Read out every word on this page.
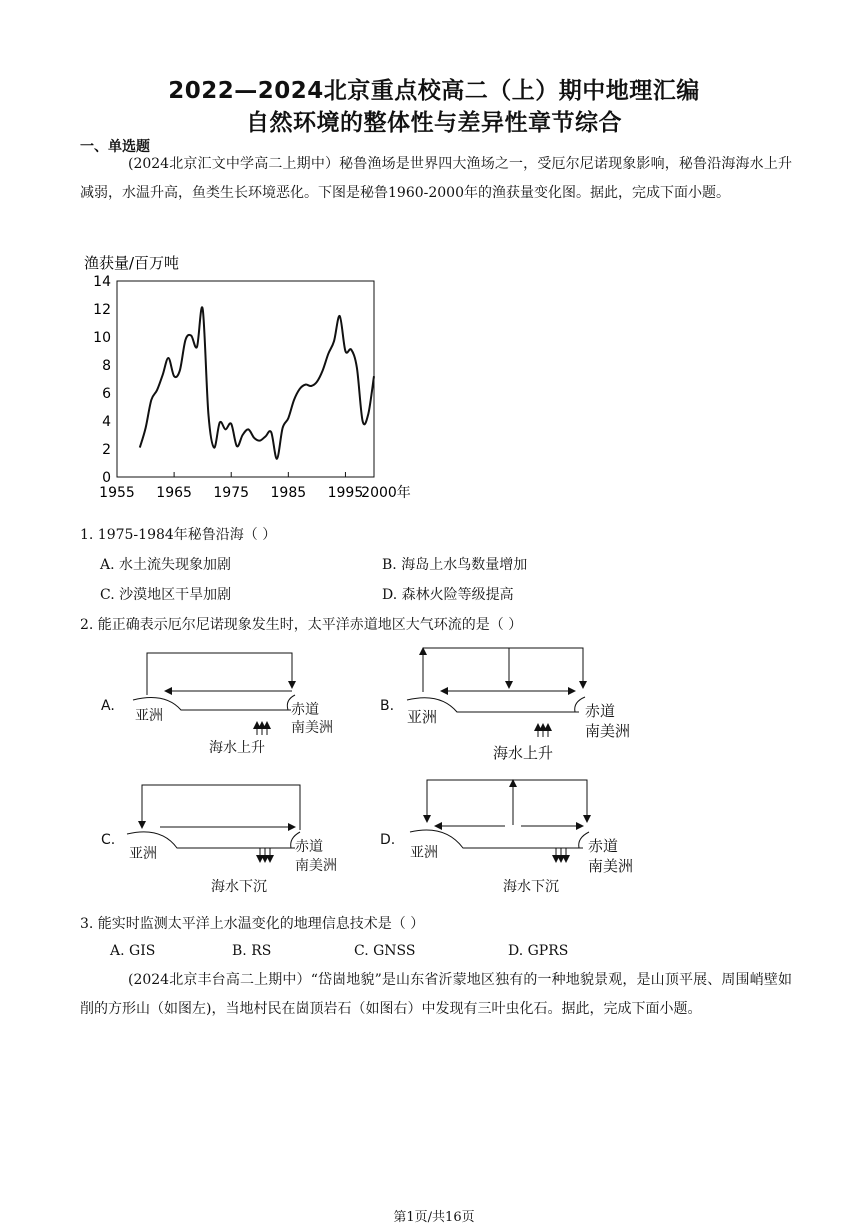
2022—2024北京重点校高二（上）期中地理汇编
自然环境的整体性与差异性章节综合
一、单选题
(2024北京汇文中学高二上期中）秘鲁渔场是世界四大渔场之一，受厄尔尼诺现象影响，秘鲁沿海海水上升减弱，水温升高，鱼类生长环境恶化。下图是秘鲁1960-2000年的渔获量变化图。据此，完成下面小题。
渔获量/百万吨
0
2
4
6
8
10
12
14
1955 1965 1975 1985 1995
2000年
1. 1975-1984年秘鲁沿海（ ）
A. 水土流失现象加剧	B. 海岛上水鸟数量增加
C. 沙漠地区干旱加剧	D. 森林火险等级提高
2. 能正确表示厄尔尼诺现象发生时，太平洋赤道地区大气环流的是（ ）
A.
亚洲	赤道
南美洲
海水上升
B.
亚洲	赤道
南美洲
海水上升
C.
亚洲	赤道
南美洲
海水下沉
D.
亚洲	赤道
南美洲
海水下沉
3. 能实时监测太平洋上水温变化的地理信息技术是（ ）
A. GIS	B. RS	C. GNSS	D. GPRS
(2024北京丰台高二上期中）“岱崮地貌”是山东省沂蒙地区独有的一种地貌景观，是山顶平展、周围峭壁如削的方形山（如图左)，当地村民在崮顶岩石（如图右）中发现有三叶虫化石。据此，完成下面小题。
第1页/共16页
